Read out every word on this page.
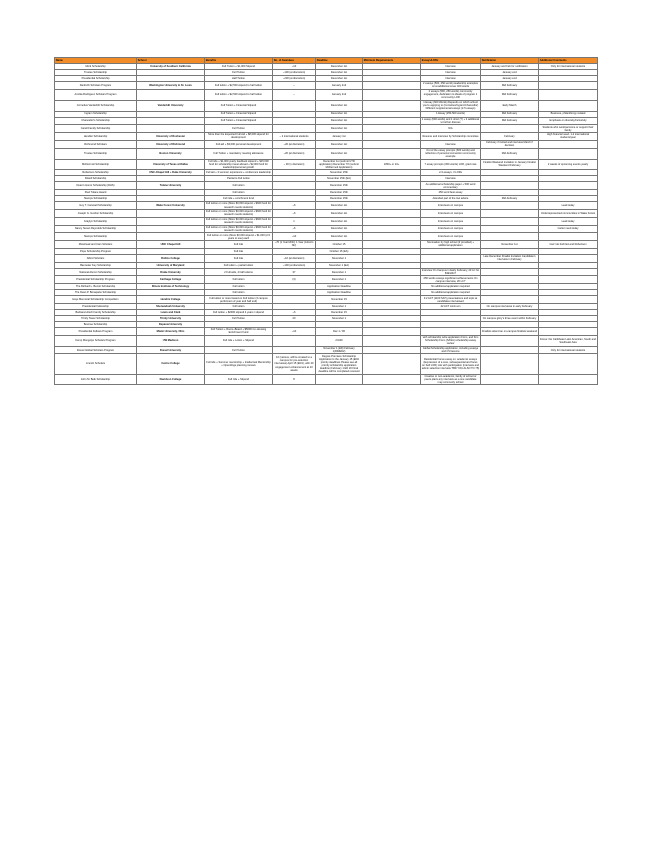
Name	School	Benefits	No. of Awardees	Deadline	Minimum Requirements	Essays/LORs	Notification	Additional Comments
Mork Scholarship	University of Southern California	Full Tuition + $1,000 Stipend	~10	December 1st		Interview	January and Feb for notification	Only for international students
Trustee Scholarship		Full Tuition	~100 (at discretion)	December 1st		Interview	January end	
Presidential Scholarship		Half Tuition	~200 (at discretion)	December 1st		Interview	January end	
Danforth Scholars Program	Washington University in St. Louis	Full tuition + $2,500 stipend to half tuition	~	January 2nd		2 essays (500, 250 words) leadership examples w/ at additional cover 400 words	Mid February	
Annika Rodriguez Scholars Program		Full tuition + $2,500 stipend to half tuition	~	January 2nd		2 essays (500, 250 words) community engagement, dedication to ideals of program 1 community LOR	Mid February	
Cornelius Vanderbilt Scholarship	Vanderbilt University	Full Tuition + Financial Stipend		December 1st		1 Essay (600 Words) Depends on which school you're applying to (Cornelius/Ingram/Chancellor) Different supplemental essays (2-5 essays)	Early March	
Ingram Scholarship		Full Tuition + Financial Stipend		December 1st		1 Essay (250-500 words)	Mid February	Business, philanthropy related
Chancellor's Scholarship		Full Tuition + Financial Stipend		December 1st		1 essay (600 words) and 1 short (?) + 2 additional to further discuss	Mid February	Emphasis on diversity/inclusivity
Carell Family Scholarship		Full Tuition		December 1st		N/A		Students who work/part-time or support their family
Hendler Scholarship	University of Rochester	More than the Expected Full Aid + $8,000 stipend for development	~ 2 international students	January 1st		Resume and interview by Scholarship committee	February	High financial need. 1-2 international students/year
Richmond Scholars	University of Richmond	Full aid + $3,000 personal development	~20 (at discretion)	December 1st		Interview	February if invited and interview March if decision	
Trustee Scholarship	Boston University	Full Tuition + mandatory meeting allowance	~20 (at discretion)	December 1st		Out of the essay prompts (600 words) and reflection of personal connection community example	Mid-February	
McDermott Scholarship	University of Texas at Dallas	Full ride + $1,000 yearly feedback stipend + $15,000 fund for scholarship travel abroad + $2,000 fund for leadership/personal growth	~ 30 (1 discretion)	December 1st (submit UTD application) December 7th (submit McDermott Application)	1050+ or 24+	7 essay prompts (300 words) LOR, grad note	Finalist Weekend invitation in January Finalist Weekend February	2 weeks of upcoming events yearly
Robertson Scholarship	UNC-Chapel Hill + Duke University	Full aid + 3 summer experience + conference leadership		November 15th		2-3 essays, 3 LORs		
Distell Scholarship		Partial to Full tuition		November 15th (EA)		Interview		
Dean's Honor Scholarship (DHS)	Tulane University	Full tuition		December 15th		As additional scholarship paper + 500 word commentary		
Paul Tulane Award		Full tuition		December 15th		250 word best essay		
Stamps Scholarship		Full ride + enrichment fund		December 15th		Attended part of the two advice	Mid-February	
Guy T. Carswell Scholarship	Wake Forest University	Full tuition or more (More $3,000 stipend + $600 fund for research needs students)	~6	December 1st		Interviews on campus		Lead today
Joseph G. Gordon Scholarship		Full tuition or more (More $3,000 stipend + $600 fund for research needs students)	~6	December 1st		Interviews on campus		Underrepresented communities in Wake Forest
Graylyn Scholarship		Full tuition or more (More $3,000 stipend + $600 fund for research needs students)	1	December 1st		Interviews on campus		Lead today
Nancy Susan Reynolds Scholarship		Full tuition or more (More $3,000 stipend + $600 fund for research needs students)	~6	December 1st		Interviews on campus		Carter need today
Stamps Scholarship		Full tuition or more (More $3,000 stipend + $1,000 (2-5 years to use) each	~10	December 1st		Interviews on campus		
Morehead and Cain Scholars	UNC Chapel Hill	Full ride	~70 (1 Year/UNC) 1 Year (Jobs/In NC)	October 15		Nomination by high school (if provided) + additional application	November 1st	Can't do both EA and Robertson
Pope Scholarship Program		Full ride		October 15 (EA)				
Alford Scholars	Rollins College	Full ride	~10 (at discretion)	November 1			Late December Finalist Invitation Candidate's Interview in February	
Banneker Key Scholarship	University of Maryland	Full tuition + partial tuition	~100 (at discretion)	November 1 (EA)				
National Alumni Scholarship	Drake University	2 Full aids, 4 half tuitions	37	December 1		Interview On Campus in Early February, 20 LC for $3k/LRs?		
Presidential Scholarship Program	Carthage College	Full tuition	(3)	December 1		250 words essays significant achievements On campus interview, 20 LC?		
The Richard L. Benoit Scholarship	Illinois Institute of Technology	Full tuition		Application Deadline		No additional application required		
The Dean P. Bonaparte Scholarship		Full tuition		Application Deadline		No additional application required		
Hays Memorial Scholarship Competition	Hendrix College	Full tuition or more based on Full tuition (3 campus performers of year and half end)		November 15		3.2 ACT (1100 SAT) presentations and topic at candidates interviewed		
Presidential Fellowship	Shenandoah University	Full tuition		November 1		22 ACT minimum	On campus interviews in early February	
Barbara Hirsch Family Scholarship	Lewis and Clark	Full tuition + $2000 stipend 4 years / stipend	~6	December 15				
Trinity Tower Scholarship	Trinity University	Full Tuition	20	November 1			On campus glory's three event within February	
Bourree Scholarship	Depauw University							
Presidential Fellows Program	Miami University, Ohio	Full Tuition + Room+Board + $5000 Co-Housing Enrichment Fund	~10	Dec 1 / 06			Finalists attend an on-campus finalists weekend	
Kemp Mongolye Scholars Program	UW Madison	Full ride + Lotion + Stipend		2/1/00		with scholarship write application Form, and Kim Scholarship Form (SASA) scholarship essay review		Focus: the Caribbean Latin American, South and Southeast Asia
Drexel Global Scholars Program	Drexel University	Full Tuition		November 1 (ED) February 1(RD/ED2)		Global Scholarship application, including essays and CV/resume		Only for international students
Lincoln Scholars	Centre College	Full ride + Summer mentorship + Intellectual Mentorship + Opendings planning renews	10 (various, will be created to a campus for pre-selection interviews) April 15 (ED1), with 20 engagement enhancement at 10 weeks	Degree Premiere Scholarship Application Is the January 15 (ED2 priority deadlines Please see all priority scholarship application deadline) February 1 ED 20 Final deadline will be completed received		Residential Focus essay on: academic essays (Expression of a core, subsequential and focus on Self LOR) role with participation (interview and admin selection interview TBD YOU ALSO TO 75)		
John M. Belk Scholarship	Davidson College	Full ride + Stipend	8			Creative or non-academic, family of school or peers plans any interview as a one candidate may commonly school		
